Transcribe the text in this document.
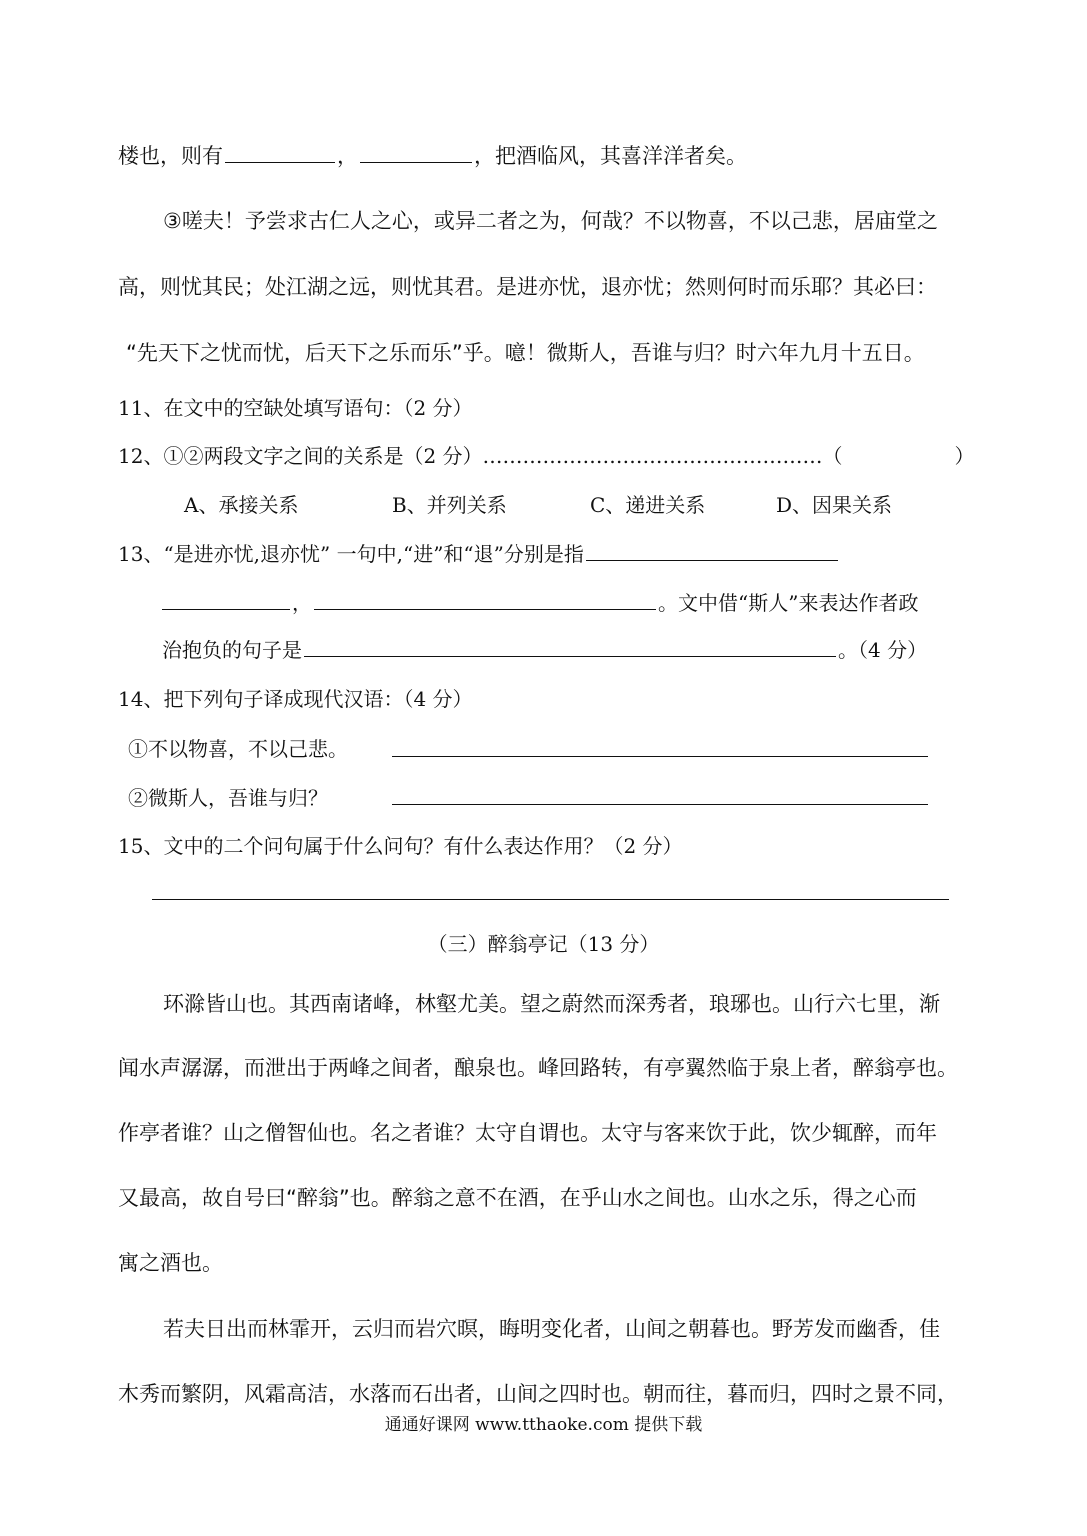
楼也，则有	，	，把酒临风，其喜洋洋者矣。
③嗟夫！予尝求古仁人之心，或异二者之为，何哉？不以物喜，不以己悲，居庙堂之
高，则忧其民；处江湖之远，则忧其君。是进亦忧，退亦忧；然则何时而乐耶？其必曰：
“先天下之忧而忧，后天下之乐而乐”乎。噫！微斯人，吾谁与归？时六年九月十五日。
11、在文中的空缺处填写语句：（2 分）
12、①②两段文字之间的关系是（2 分）……………………………………………（	）
A、承接关系	B、并列关系	C、递进关系	D、因果关系
13、“是进亦忧,退亦忧” 一句中,“进”和“退”分别是指
，	。文中借“斯人”来表达作者政
治抱负的句子是	。（4 分）
14、把下列句子译成现代汉语：（4 分）
①不以物喜，不以己悲。
②微斯人，吾谁与归？
15、文中的二个问句属于什么问句？有什么表达作用？（2 分）
（三）醉翁亭记（13 分）
环滁皆山也。其西南诸峰，林壑尤美。望之蔚然而深秀者，琅琊也。山行六七里，渐
闻水声潺潺，而泄出于两峰之间者，酿泉也。峰回路转，有亭翼然临于泉上者，醉翁亭也。
作亭者谁？山之僧智仙也。名之者谁？太守自谓也。太守与客来饮于此，饮少辄醉，而年
又最高，故自号曰“醉翁”也。醉翁之意不在酒，在乎山水之间也。山水之乐，得之心而
寓之酒也。
若夫日出而林霏开，云归而岩穴暝，晦明变化者，山间之朝暮也。野芳发而幽香，佳
木秀而繁阴，风霜高洁，水落而石出者，山间之四时也。朝而往，暮而归，四时之景不同，
通通好课网 www.tthaoke.com 提供下载
